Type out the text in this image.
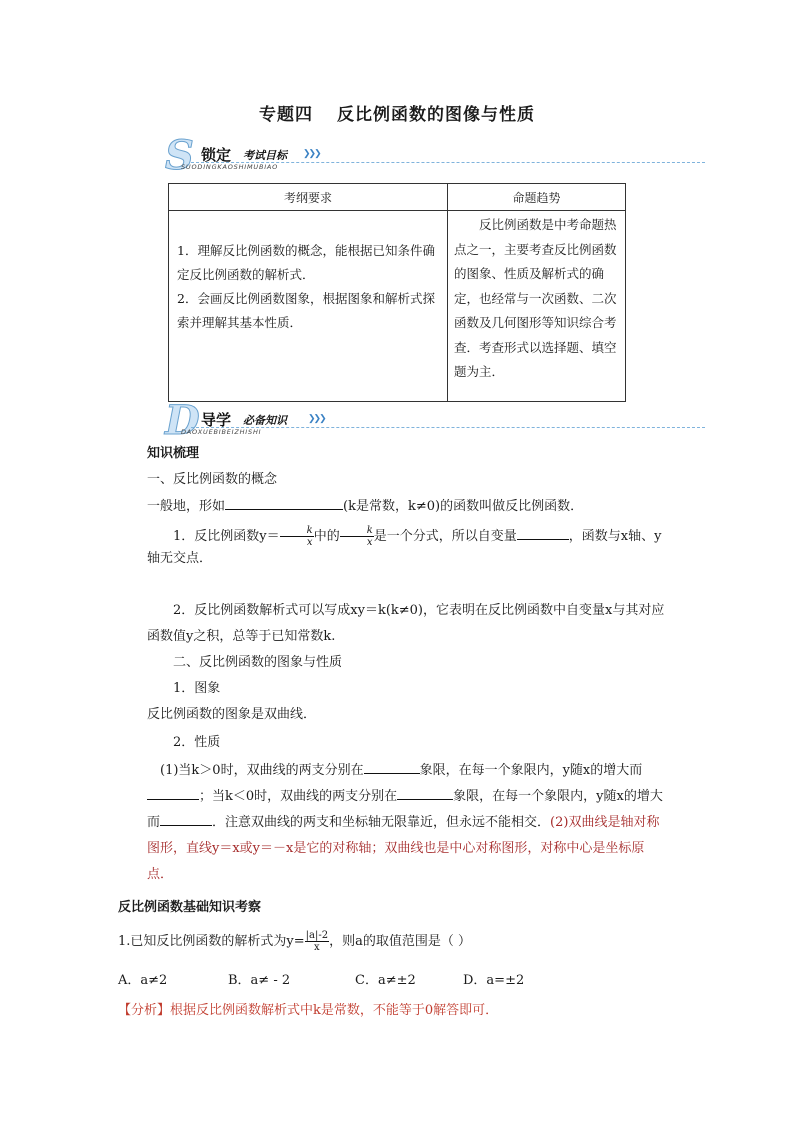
专题四 反比例函数的图像与性质
S 锁定 考试目标 ❯❯❯
SUODINGKAOSHIMUBIAO
考纲要求	命题趋势

1．理解反比例函数的概念，能根据已知条件确定反比例函数的解析式．
2．会画反比例函数图象，根据图象和解析式探索并理解其基本性质．	反比例函数是中考命题热点之一，主要考查反比例函数的图象、性质及解析式的确定，也经常与一次函数、二次函数及几何图形等知识综合考查．考查形式以选择题、填空题为主．
D 导学 必备知识 ❯❯❯
DAOXUEBIBEIZHISHI
知识梳理
一、反比例函数的概念
一般地，形如	(k是常数，k≠0)的函数叫做反比例函数．
1．反比例函数$y= \frac{k}{x}$ 中的 $\frac{k}{x}$ 是一个分式，所以自变量	，函数与x轴、y轴无交点．
2．反比例函数解析式可以写成xy＝k(k≠0)，它表明在反比例函数中自变量x与其对应函数值y之积，总等于已知常数k.
二、反比例函数的图象与性质
1．图象
反比例函数的图象是双曲线．
2．性质
(1)当k＞0时，双曲线的两支分别在	象限，在每一个象限内，y随x的增大而；当k＜0时，双曲线的两支分别在	象限，在每一个象限内，y随x的增大而	．注意双曲线的两支和坐标轴无限靠近，但永远不能相交．(2)双曲线是轴对称图形，直线y＝x或y＝－x是它的对称轴；双曲线也是中心对称图形，对称中心是坐标原点．
反比例函数基础知识考察
1.已知反比例函数的解析式为$y= \frac{|a|-2}{x}$ ，则a的取值范围是（ ）
A．a≠2	B．a≠ - 2	C．a≠±2	D．a=±2
【分析】根据反比例函数解析式中k是常数，不能等于0解答即可．
